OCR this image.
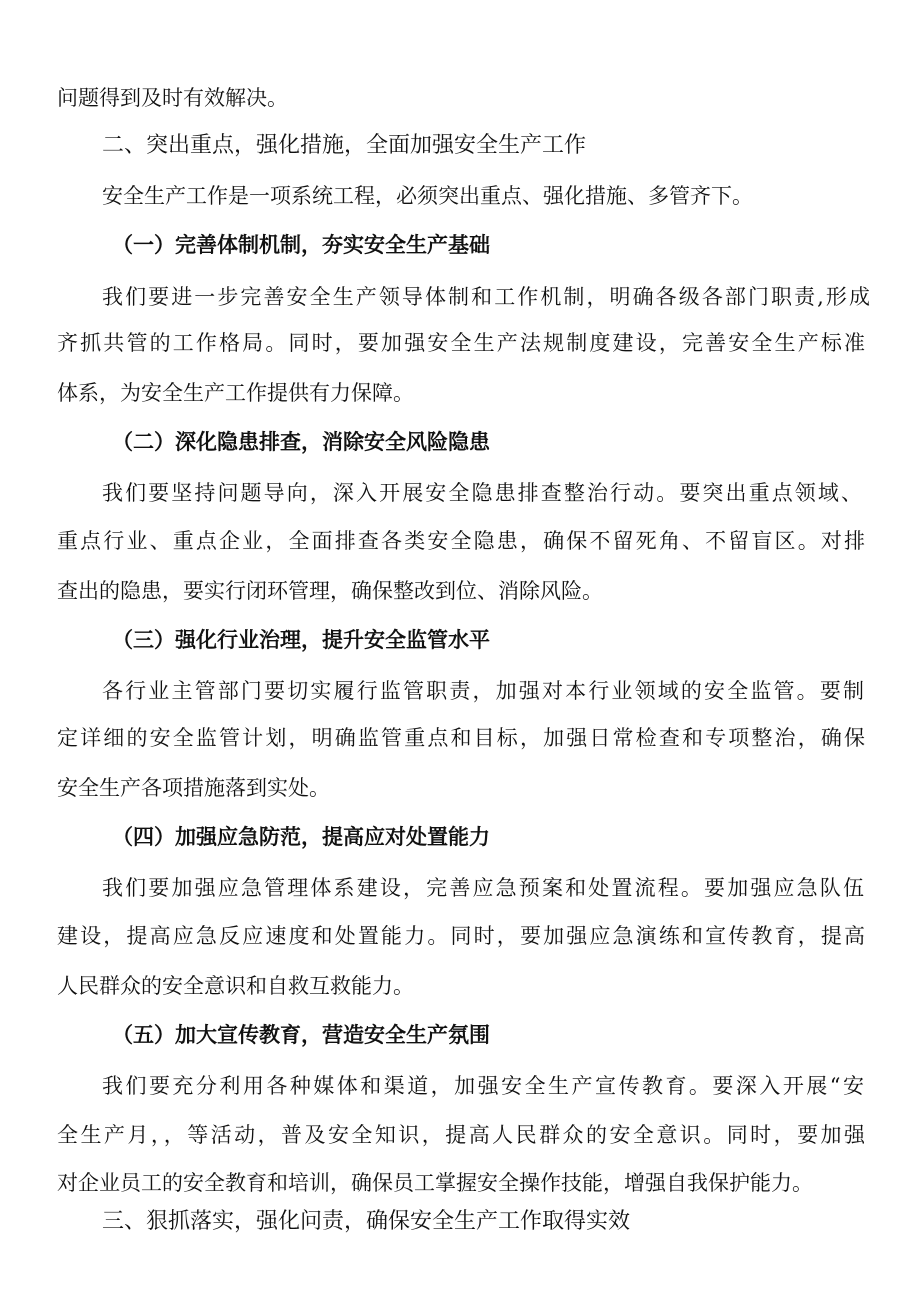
问题得到及时有效解决。
二、突出重点，强化措施，全面加强安全生产工作
安全生产工作是一项系统工程，必须突出重点、强化措施、多管齐下。
（一）完善体制机制，夯实安全生产基础
我们要进一步完善安全生产领导体制和工作机制，明确各级各部门职责,形成
齐抓共管的工作格局。同时，要加强安全生产法规制度建设，完善安全生产标准
体系，为安全生产工作提供有力保障。
（二）深化隐患排查，消除安全风险隐患
我们要坚持问题导向，深入开展安全隐患排查整治行动。要突出重点领域、
重点行业、重点企业，全面排查各类安全隐患，确保不留死角、不留盲区。对排
查出的隐患，要实行闭环管理，确保整改到位、消除风险。
（三）强化行业治理，提升安全监管水平
各行业主管部门要切实履行监管职责，加强对本行业领域的安全监管。要制
定详细的安全监管计划，明确监管重点和目标，加强日常检查和专项整治，确保
安全生产各项措施落到实处。
（四）加强应急防范，提高应对处置能力
我们要加强应急管理体系建设，完善应急预案和处置流程。要加强应急队伍
建设，提高应急反应速度和处置能力。同时，要加强应急演练和宣传教育，提高
人民群众的安全意识和自救互救能力。
（五）加大宣传教育，营造安全生产氛围
我们要充分利用各种媒体和渠道，加强安全生产宣传教育。要深入开展“安
全生产月，，等活动，普及安全知识，提高人民群众的安全意识。同时，要加强
对企业员工的安全教育和培训，确保员工掌握安全操作技能，增强自我保护能力。
三、狠抓落实，强化问责，确保安全生产工作取得实效
